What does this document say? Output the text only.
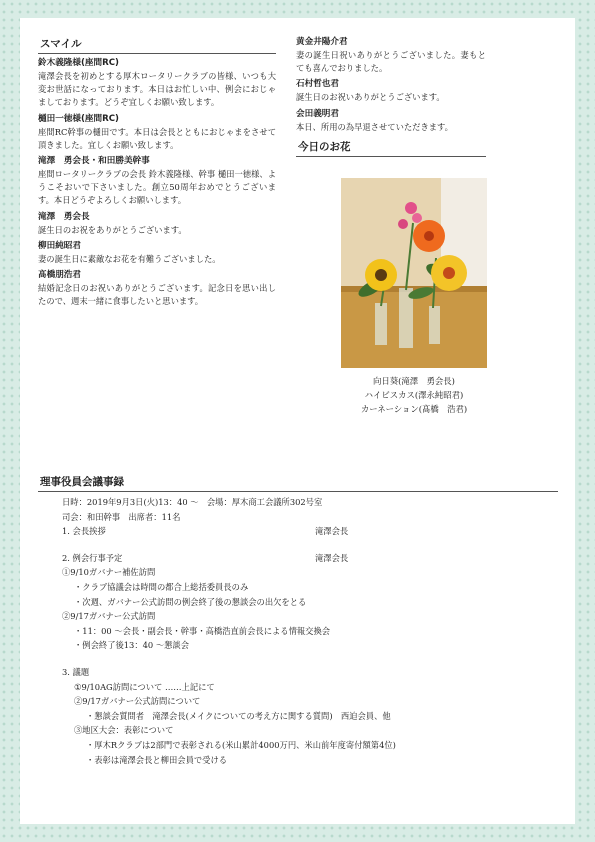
スマイル
鈴木義隆様(座間RC)
滝澤会長を初めとする厚木ロータリークラブの皆様、いつも大変お世話になっております。本日はお忙しい中、例会におじゃましております。どうぞ宜しくお願い致します。
樋田一徳様(座間RC)
座間RC幹事の樋田です。本日は会長とともにおじゃまをさせて頂きました。宜しくお願い致します。
滝澤　勇会長・和田勝美幹事
座間ロータリークラブの会長 鈴木義隆様、幹事 樋田一徳様、ようこそおいで下さいました。創立50周年おめでとうございます。本日どうぞよろしくお願いします。
滝澤　勇会長
誕生日のお祝をありがとうございます。
柳田純昭君
妻の誕生日に素敵なお花を有難うございました。
髙橋朋浩君
結婚記念日のお祝いありがとうございます。記念日を思い出したので、週末一緒に食事したいと思います。
黄金井陽介君
妻の誕生日祝いありがとうございました。妻もとても喜んでおりました。
石村哲也君
誕生日のお祝いありがとうございます。
会田義明君
本日、所用の為早退させていただきます。
今日のお花
向日葵(滝澤　勇会長)
ハイビスカス(澤永純昭君)
カーネーション(髙橋　浩君)
理事役員会議事録
日時：2019年9月3日(火)13：40 ～　会場：厚木商工会議所302号室
司会：和田幹事　出席者：11名
1. 会長挨拶	滝澤会長
2. 例会行事予定	滝澤会長
①9/10ガバナー補佐訪問
・クラブ協議会は時間の都合上総括委員長のみ
・次週、ガバナー公式訪問の例会終了後の懇談会の出欠をとる
②9/17ガバナー公式訪問
・11：00 ～会長・副会長・幹事・高橋浩直前会長による情報交換会
・例会終了後13：40 ～懇談会
3. 議題
①9/10AG訪問について ……上記にて
②9/17ガバナー公式訪問について
・懇談会質問者　滝澤会長(メイクについての考え方に関する質問)　西迫会員、他
③地区大会：表彰について
・厚木Rクラブは2部門で表彰される(米山累計4000万円、米山前年度寄付額第4位)
・表彰は滝澤会長と柳田会員で受ける
